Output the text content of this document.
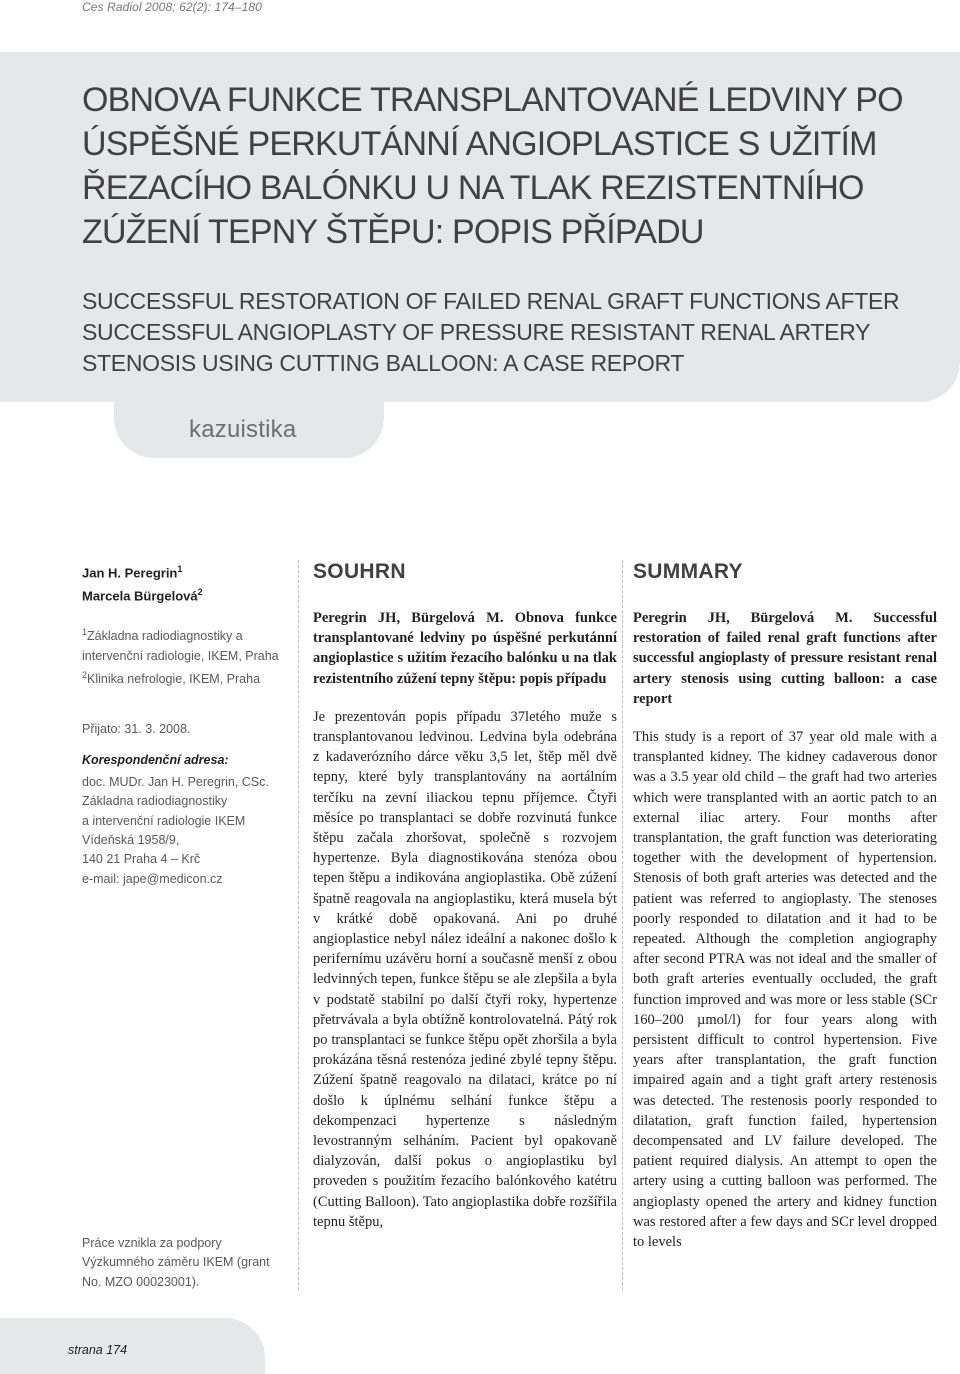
Ces Radiol 2008; 62(2): 174–180
OBNOVA FUNKCE TRANSPLANTOVANÉ LEDVINY PO ÚSPĚŠNÉ PERKUTÁNNÍ ANGIOPLASTICE S UŽITÍM ŘEZACÍHO BALÓNKU U NA TLAK REZISTENTNÍHO ZÚŽENÍ TEPNY ŠTĚPU: POPIS PŘÍPADU
SUCCESSFUL RESTORATION OF FAILED RENAL GRAFT FUNCTIONS AFTER SUCCESSFUL ANGIOPLASTY OF PRESSURE RESISTANT RENAL ARTERY STENOSIS USING CUTTING BALLOON: A CASE REPORT
kazuistika
Jan H. Peregrin$^1$
Marcela Bürgelová$^2$
$^1$Základna radiodiagnostiky a intervenční radiologie, IKEM, Praha
$^2$Klinika nefrologie, IKEM, Praha
Přijato: 31. 3. 2008.
Korespondenční adresa:
doc. MUDr. Jan H. Peregrin, CSc.
Základna radiodiagnostiky
a intervenční radiologie IKEM
Vídeňská 1958/9,
140 21 Praha 4 – Krč
e-mail: jape@medicon.cz
Práce vznikla za podpory Výzkumného záměru IKEM (grant No. MZO 00023001).
SOUHRN
Peregrin JH, Bürgelová M. Obnova funkce transplantované ledviny po úspěšné perkutánní angioplastice s užitím řezacího balónku u na tlak rezistentního zúžení tepny štěpu: popis případu
Je prezentován popis případu 37letého muže s transplantovanou ledvinou. Ledvina byla odebrána z kadaverózního dárce věku 3,5 let, štěp měl dvě tepny, které byly transplantovány na aortálním terčíku na zevní iliackou tepnu příjemce. Čtyři měsíce po transplantaci se dobře rozvinutá funkce štěpu začala zhoršovat, společně s rozvojem hypertenze. Byla diagnostikována stenóza obou tepen štěpu a indikována angioplastika. Obě zúžení špatně reagovala na angioplastiku, která musela být v krátké době opakovaná. Ani po druhé angioplastice nebyl nález ideální a nakonec došlo k perifernímu uzávěru horní a současně menší z obou ledvinných tepen, funkce štěpu se ale zlepšila a byla v podstatě stabilní po další čtyři roky, hypertenze přetrvávala a byla obtížně kontrolovatelná. Pátý rok po transplantaci se funkce štěpu opět zhoršila a byla prokázána těsná restenóza jediné zbylé tepny štěpu. Zúžení špatně reagovalo na dilataci, krátce po ní došlo k úplnému selhání funkce štěpu a dekompenzaci hypertenze s následným levostranným selháním. Pacient byl opakovaně dialyzován, další pokus o angioplastiku byl proveden s použitím řezacího balónkového katétru (Cutting Balloon). Tato angioplastika dobře rozšířila tepnu štěpu,
SUMMARY
Peregrin JH, Bürgelová M. Successful restoration of failed renal graft functions after successful angioplasty of pressure resistant renal artery stenosis using cutting balloon: a case report
This study is a report of 37 year old male with a transplanted kidney. The kidney cadaverous donor was a 3.5 year old child – the graft had two arteries which were transplanted with an aortic patch to an external iliac artery. Four months after transplantation, the graft function was deteriorating together with the development of hypertension. Stenosis of both graft arteries was detected and the patient was referred to angioplasty. The stenoses poorly responded to dilatation and it had to be repeated. Although the completion angiography after second PTRA was not ideal and the smaller of both graft arteries eventually occluded, the graft function improved and was more or less stable (SCr 160–200 µmol/l) for four years along with persistent difficult to control hypertension. Five years after transplantation, the graft function impaired again and a tight graft artery restenosis was detected. The restenosis poorly responded to dilatation, graft function failed, hypertension decompensated and LV failure developed. The patient required dialysis. An attempt to open the artery using a cutting balloon was performed. The angioplasty opened the artery and kidney function was restored after a few days and SCr level dropped to levels
strana 174
